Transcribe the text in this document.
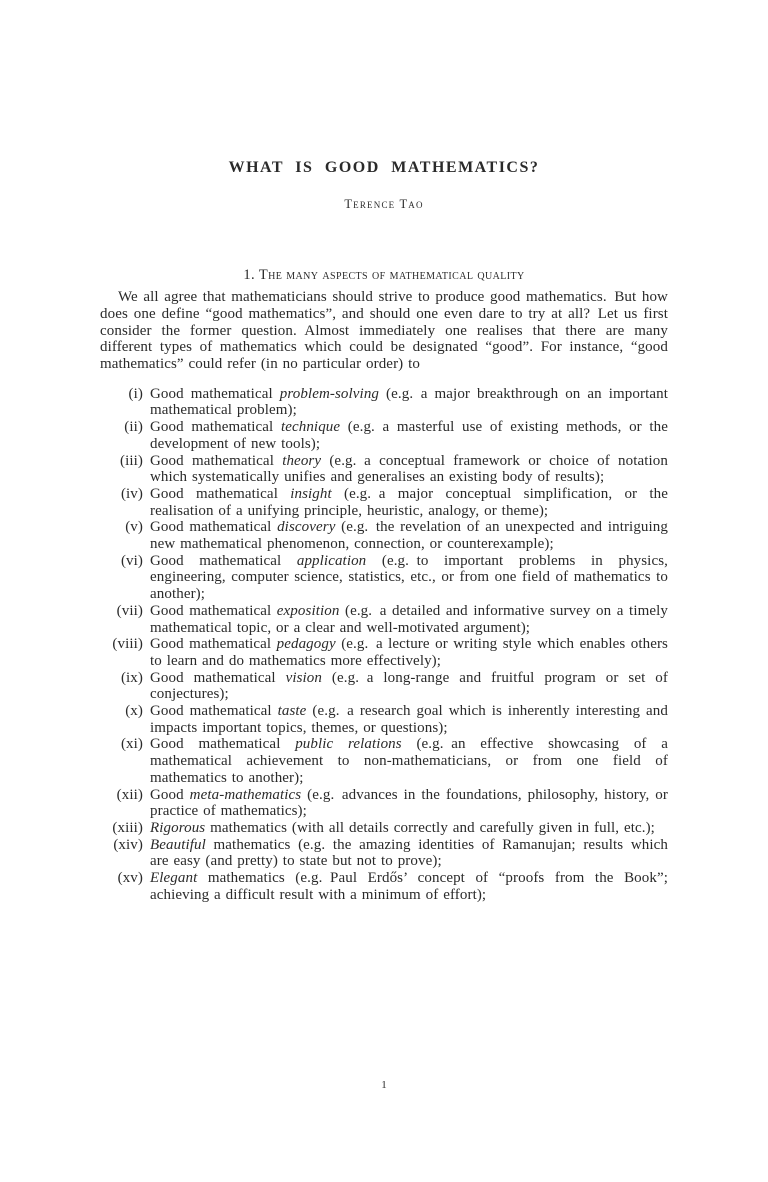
WHAT IS GOOD MATHEMATICS?
Terence Tao
1. The many aspects of mathematical quality

We all agree that mathematicians should strive to produce good mathematics. But how does one define “good mathematics”, and should one even dare to try at all? Let us first consider the former question. Almost immediately one realises that there are many different types of mathematics which could be designated “good”. For instance, “good mathematics” could refer (in no particular order) to

(i) Good mathematical problem-solving (e.g. a major breakthrough on an important mathematical problem);
(ii) Good mathematical technique (e.g. a masterful use of existing methods, or the development of new tools);
(iii) Good mathematical theory (e.g. a conceptual framework or choice of notation which systematically unifies and generalises an existing body of results);
(iv) Good mathematical insight (e.g. a major conceptual simplification, or the realisation of a unifying principle, heuristic, analogy, or theme);
(v) Good mathematical discovery (e.g. the revelation of an unexpected and intriguing new mathematical phenomenon, connection, or counterexample);
(vi) Good mathematical application (e.g. to important problems in physics, engineering, computer science, statistics, etc., or from one field of mathematics to another);
(vii) Good mathematical exposition (e.g. a detailed and informative survey on a timely mathematical topic, or a clear and well-motivated argument);
(viii) Good mathematical pedagogy (e.g. a lecture or writing style which enables others to learn and do mathematics more effectively);
(ix) Good mathematical vision (e.g. a long-range and fruitful program or set of conjectures);
(x) Good mathematical taste (e.g. a research goal which is inherently interesting and impacts important topics, themes, or questions);
(xi) Good mathematical public relations (e.g. an effective showcasing of a mathematical achievement to non-mathematicians, or from one field of mathematics to another);
(xii) Good meta-mathematics (e.g. advances in the foundations, philosophy, history, or practice of mathematics);
(xiii) Rigorous mathematics (with all details correctly and carefully given in full, etc.);
(xiv) Beautiful mathematics (e.g. the amazing identities of Ramanujan; results which are easy (and pretty) to state but not to prove);
(xv) Elegant mathematics (e.g. Paul Erdős’ concept of “proofs from the Book”; achieving a difficult result with a minimum of effort);
1
